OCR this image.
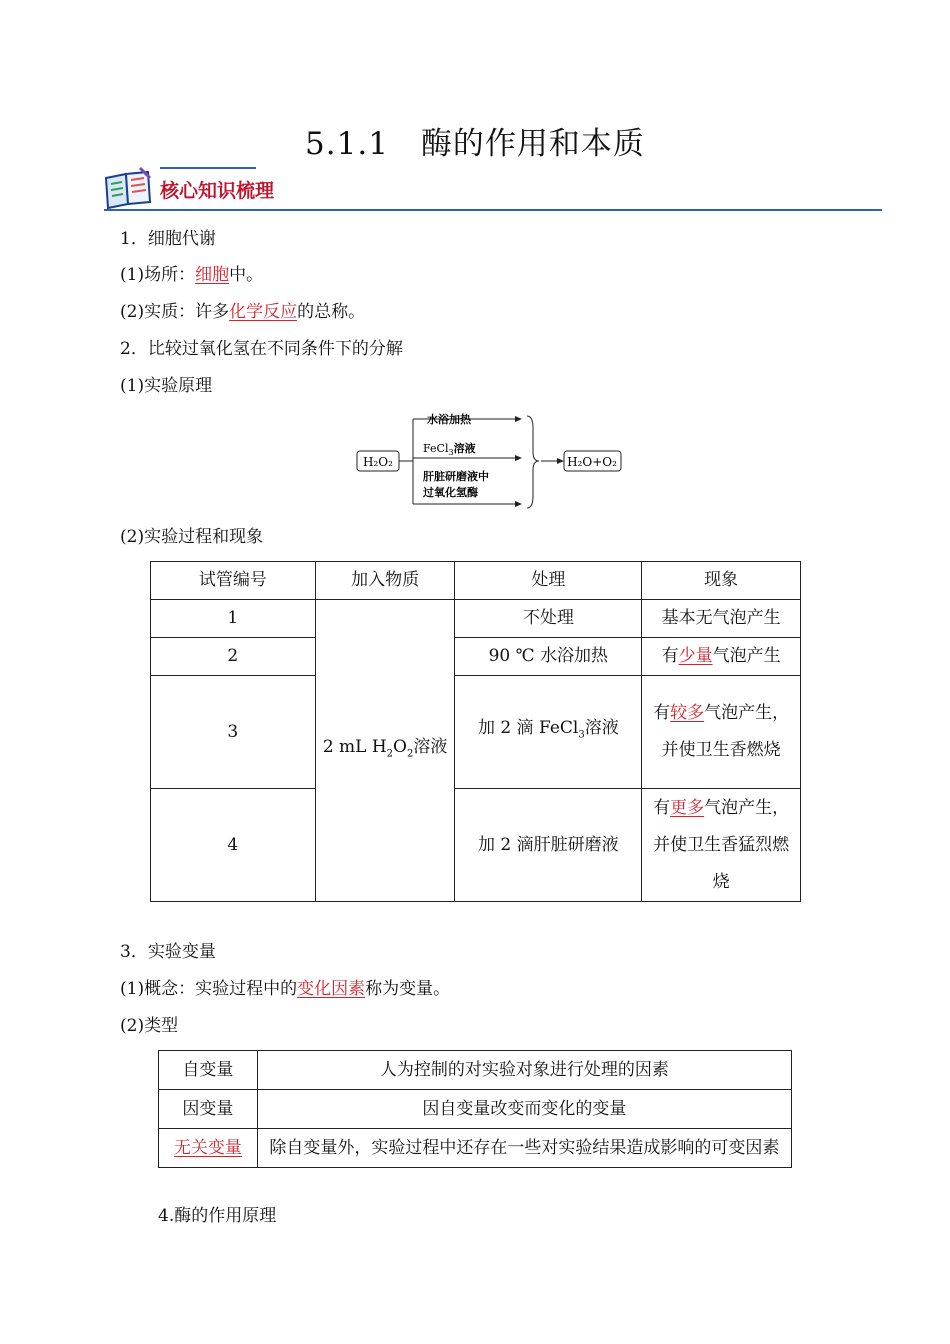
5.1.1　酶的作用和本质
核心知识梳理
1．细胞代谢
(1)场所：细胞中。
(2)实质：许多化学反应的总称。
2．比较过氧化氢在不同条件下的分解
(1)实验原理
H₂O₂
水浴加热
FeCl$_3$溶液
肝脏研磨液中
过氧化氢酶
H₂O+O₂
(2)实验过程和现象
试管编号	加入物质	处理	现象
1	2 mL $H_2O_2$溶液	不处理	基本无气泡产生
2		90 ℃ 水浴加热	有少量气泡产生
3		加 2 滴 FeCl$_3$溶液	有较多气泡产生，并使卫生香燃烧
4		加 2 滴肝脏研磨液	有更多气泡产生，并使卫生香猛烈燃烧
3．实验变量
(1)概念：实验过程中的变化因素称为变量。
(2)类型
自变量	人为控制的对实验对象进行处理的因素
因变量	因自变量改变而变化的变量
无关变量	除自变量外，实验过程中还存在一些对实验结果造成影响的可变因素
4.酶的作用原理
